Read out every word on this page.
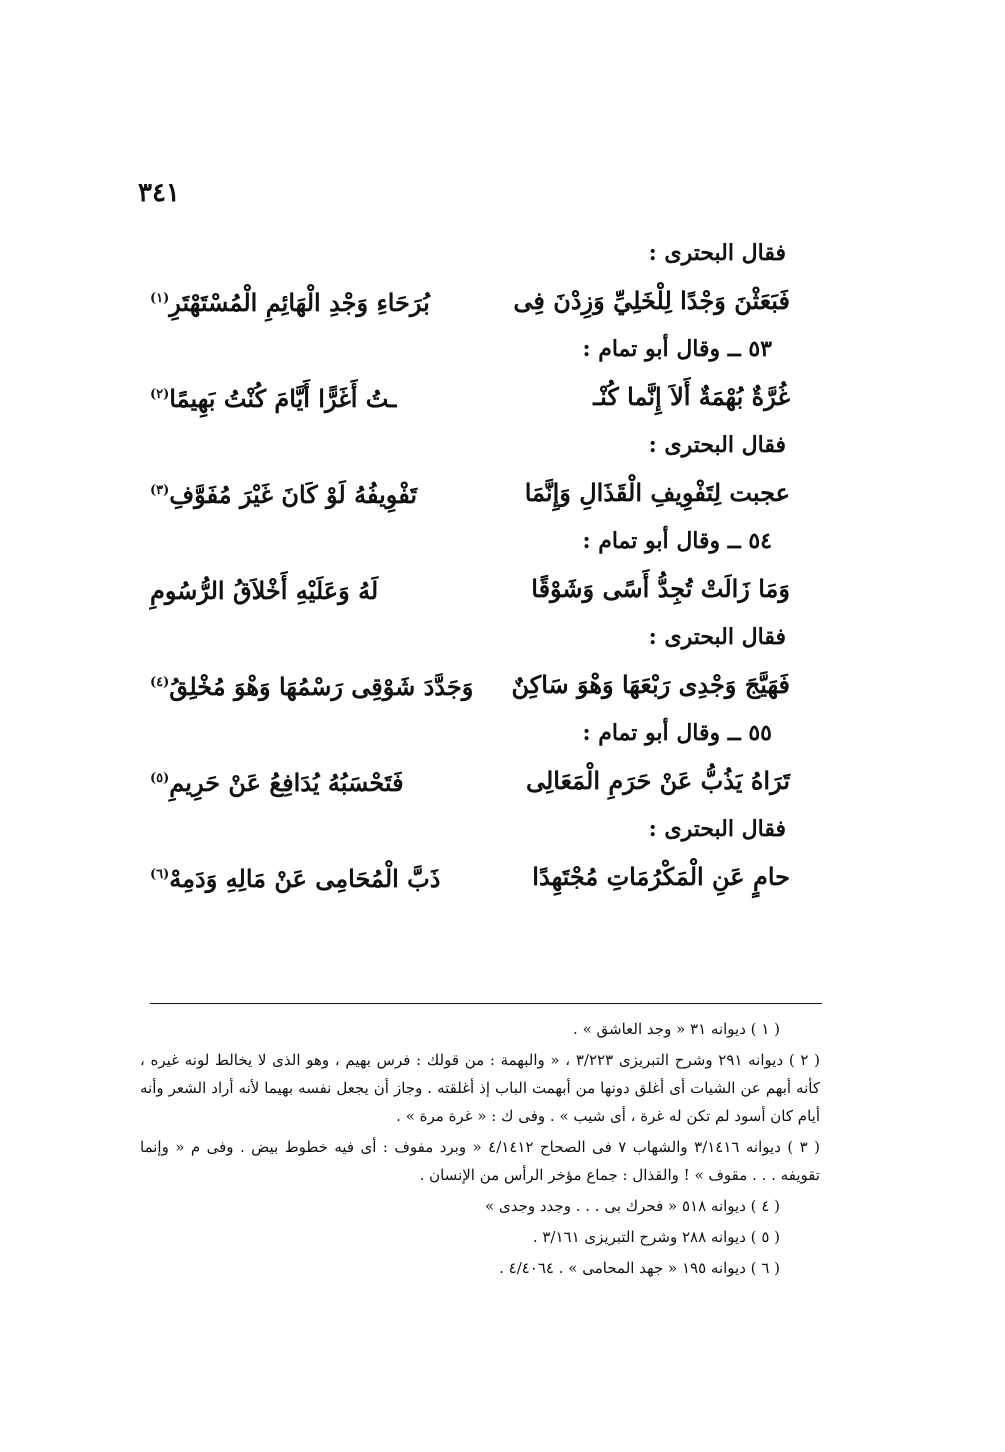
٣٤١
فقال البحترى :
فَبَعَثْنَ وَجْدًا لِلْخَلِيِّ وَزِدْنَ فِى
بُرَحَاءِ وَجْدِ الْهَائِمِ الْمُسْتَهْتَرِ$^{(١)}$
٥٣ ــ وقال أبو تمام :
غُرَّةٌ بُهْمَةٌ أَلاَ إِنَّما كُنْـ
ـتُ أَغَرًّا أَيَّامَ كُنْتُ بَهِيمًا$^{(٢)}$
فقال البحترى :
عجبت لِتَفْوِيفِ الْقَذَالِ وَإِنَّمَا
تَفْوِيفُهُ لَوْ كَانَ غَيْرَ مُفَوَّفِ$^{(٣)}$
٥٤ ــ وقال أبو تمام :
وَمَا زَالَتْ تُجِدُّ أَسًى وَشَوْقًا
لَهُ وَعَلَيْهِ أَخْلاَقُ الرُّسُومِ
فقال البحترى :
فَهَيَّجَ وَجْدِى رَبْعَهَا وَهْوَ سَاكِنٌ
وَجَدَّدَ شَوْقِى رَسْمُهَا وَهْوَ مُخْلِقُ$^{(٤)}$
٥٥ ــ وقال أبو تمام :
تَرَاهُ يَذُبُّ عَنْ حَرَمِ الْمَعَالِى
فَتَحْسَبُهُ يُدَافِعُ عَنْ حَرِيمِ$^{(٥)}$
فقال البحترى :
حامٍ عَنِ الْمَكْرُمَاتِ مُجْتَهِدًا
ذَبَّ الْمُحَامِى عَنْ مَالِهِ وَدَمِهْ$^{(٦)}$

( ١ ) ديوانه ٣١ « وجد العاشق » .

( ٢ ) ديوانه ٢٩١ وشرح التبريزى ٣/٢٢٣ ، « والبهمة : من قولك : فرس بهيم ، وهو الذى لا يخالط لونه غيره ، كأنه أبهم عن الشيات أى أغلق دونها من أبهمت الباب إذ أغلقته . وجاز أن يجعل نفسه بهيما لأنه أراد الشعر وأنه أيام كان أسود لم تكن له غرة ، أى شيب » . وفى ك : « غرة مرة » .

( ٣ ) ديوانه ٣/١٤١٦ والشهاب ٧ فى الصحاح ٤/١٤١٢ « وبرد مفوف : أى فيه خطوط بيض . وفى م « وإنما تقويفه . . . مقوف » ! والقذال : جماع مؤخر الرأس من الإنسان .

( ٤ ) ديوانه ٥١٨ « فحرك بى . . . وجدد وجدى »

( ٥ ) ديوانه ٢٨٨ وشرح التبريزى ٣/١٦١ .

( ٦ ) ديوانه ١٩٥ « جهد المحامى » . ٤/٤٠٦٤ .
